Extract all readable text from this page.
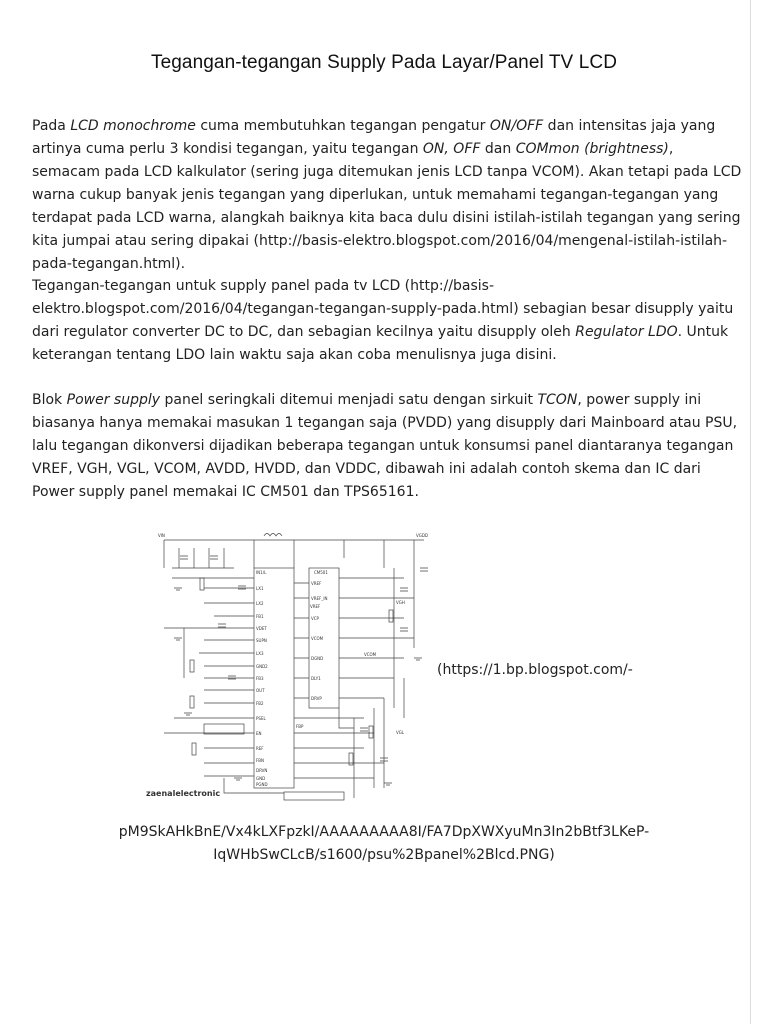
Tegangan-tegangan Supply Pada Layar/Panel TV LCD

Pada LCD monochrome cuma membutuhkan tegangan pengatur ON/OFF dan intensitas jaja yang artinya cuma perlu 3 kondisi tegangan, yaitu tegangan ON, OFF dan COMmon (brightness), semacam pada LCD kalkulator (sering juga ditemukan jenis LCD tanpa VCOM). Akan tetapi pada LCD warna cukup banyak jenis tegangan yang diperlukan, untuk memahami tegangan-tegangan yang terdapat pada LCD warna, alangkah baiknya kita baca dulu disini istilah-istilah tegangan yang sering kita jumpai atau sering dipakai (http://basis-elektro.blogspot.com/2016/04/mengenal-istilah-istilah-pada-tegangan.html).

Tegangan-tegangan untuk supply panel pada tv LCD (http://basis-elektro.blogspot.com/2016/04/tegangan-tegangan-supply-pada.html) sebagian besar disupply yaitu dari regulator converter DC to DC, dan sebagian kecilnya yaitu disupply oleh Regulator LDO. Untuk keterangan tentang LDO lain waktu saja akan coba menulisnya juga disini.

Blok Power supply panel seringkali ditemui menjadi satu dengan sirkuit TCON, power supply ini biasanya hanya memakai masukan 1 tegangan saja (PVDD) yang disupply dari Mainboard atau PSU, lalu tegangan dikonversi dijadikan beberapa tegangan untuk konsumsi panel diantaranya tegangan VREF, VGH, VGL, VCOM, AVDD, HVDD, dan VDDC, dibawah ini adalah contoh skema dan IC dari Power supply panel memakai IC CM501 dan TPS65161.

VIN	VGDD
VGH
VGL
VCOM
VREF
CM501
IN1/L
LX1
LX2
FB1
VDET
SUPN
LX3
GND2
FB3
OUT
FB2
PSEL
EN
REF
FBN
DRVN
GND
PGND
VREF
VREF_IN
VCP
VCOM
DGND
DLY1
DRVP
FBP
zaenalelectronic
(https://1.bp.blogspot.com/-
pM9SkAHkBnE/Vx4kLXFpzkI/AAAAAAAAA8I/FA7DpXWXyuMn3In2bBtf3LKeP-
IqWHbSwCLcB/s1600/psu%2Bpanel%2Blcd.PNG)
